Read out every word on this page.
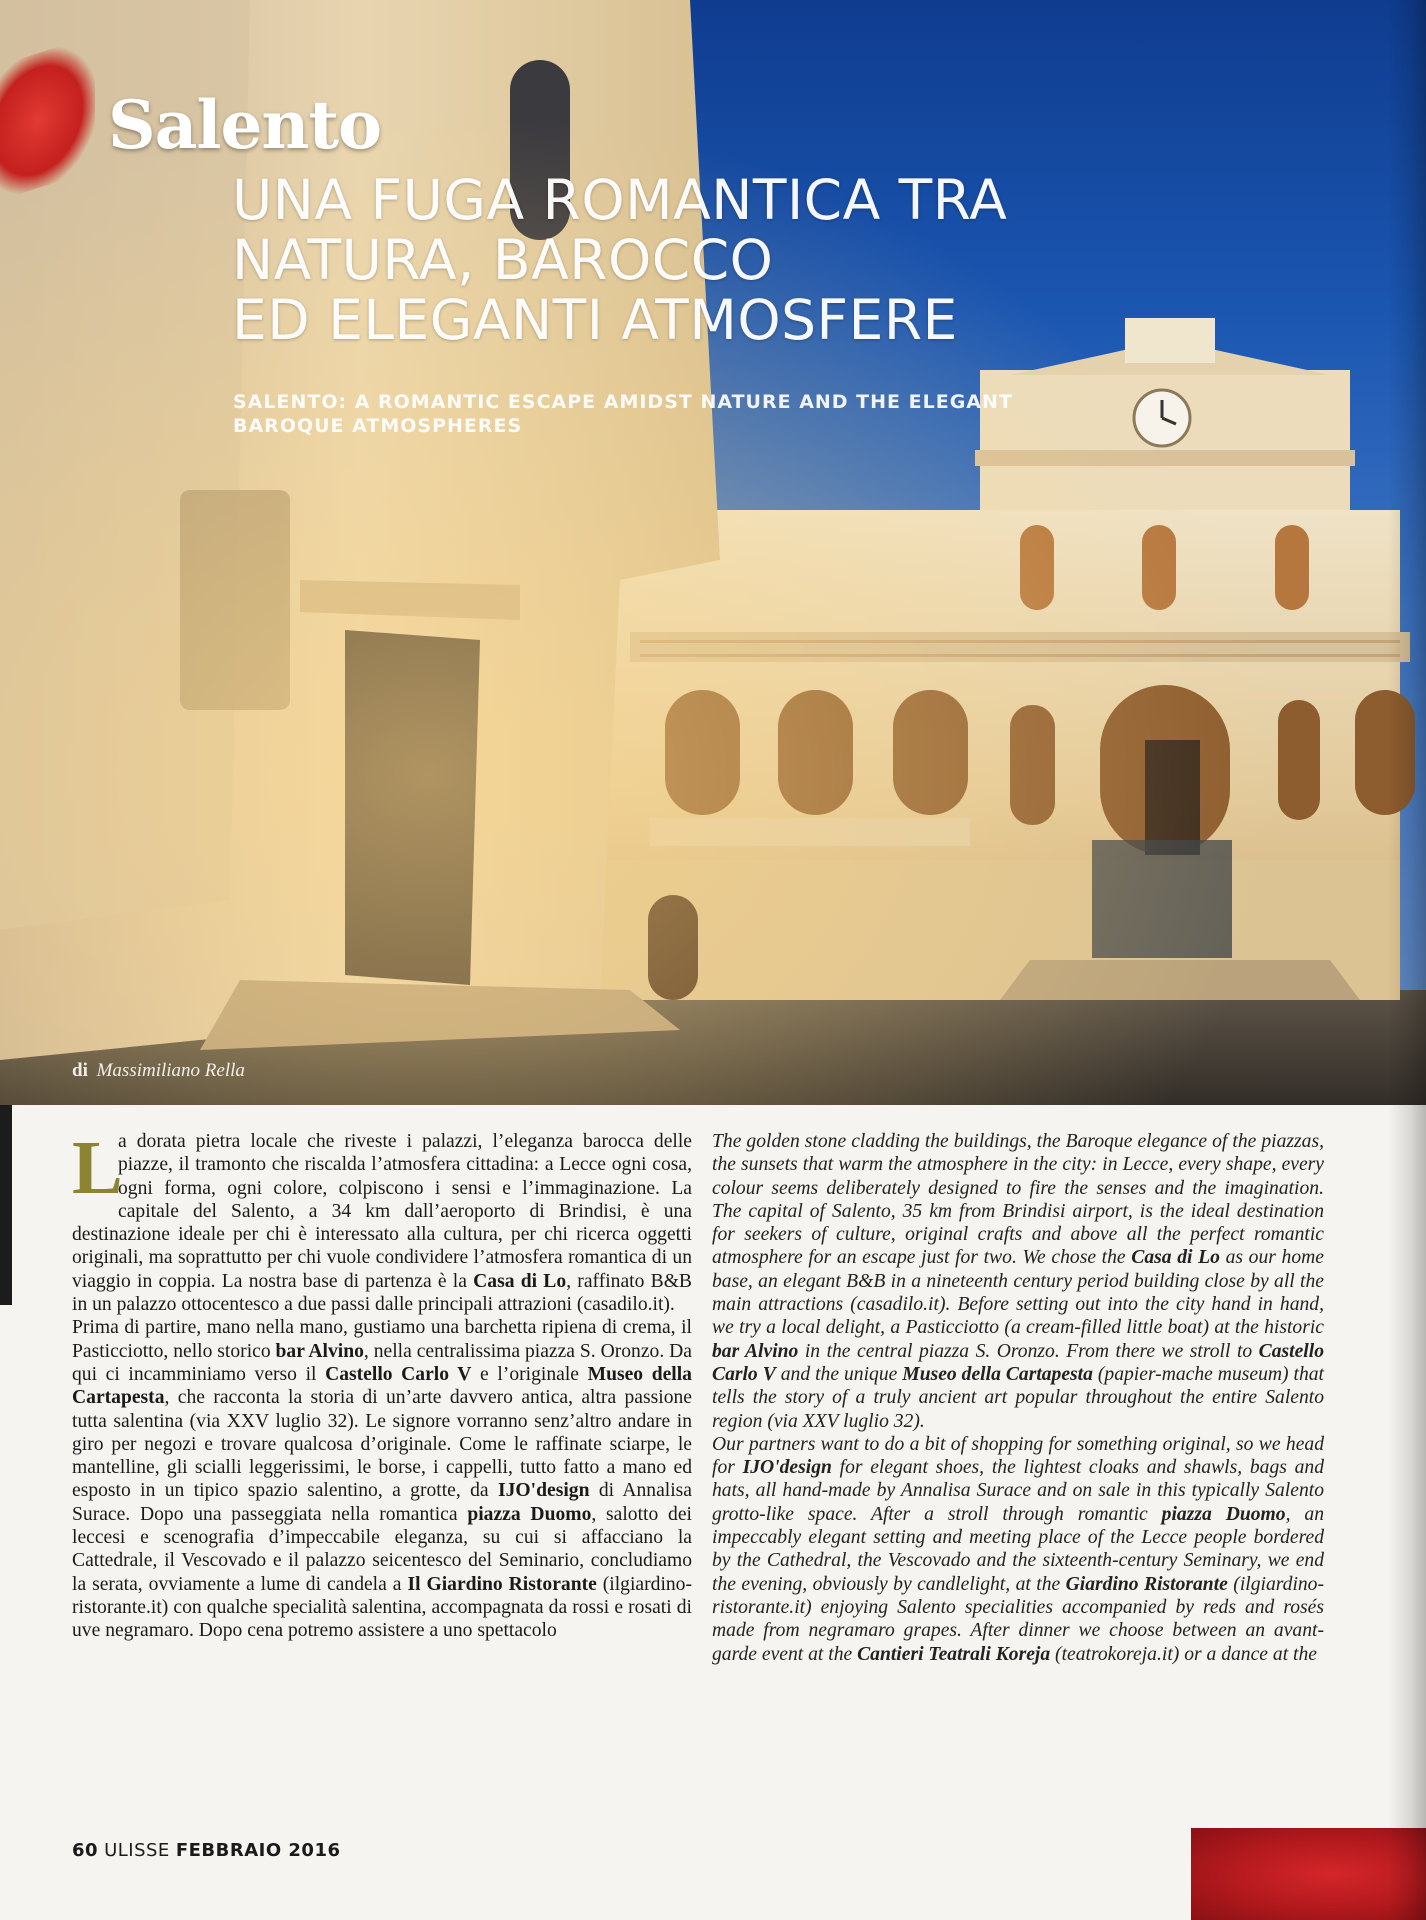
Salento
UNA FUGA ROMANTICA TRA
NATURA, BAROCCO
ED ELEGANTI ATMOSFERE
SALENTO: A ROMANTIC ESCAPE AMIDST NATURE AND THE ELEGANT
BAROQUE ATMOSPHERES
di Massimiliano Rella

L
a dorata pietra locale che riveste i palazzi, l’eleganza barocca delle piazze, il tramonto che riscalda l’atmosfera cittadina: a Lecce ogni cosa, ogni forma, ogni colore, colpiscono i sensi e l’immaginazione. La capitale del Salento, a 34 km dall’aeroporto di Brindisi, è una destinazione ideale per chi è interessato alla cultura, per chi ricerca oggetti originali, ma soprattutto per chi vuole condividere l’atmosfera romantica di un viaggio in coppia. La nostra base di partenza è la Casa di Lo, raffinato B&B in un palazzo ottocentesco a due passi dalle principali attrazioni (casadilo.it).

Prima di partire, mano nella mano, gustiamo una barchetta ripiena di crema, il Pasticciotto, nello storico bar Alvino, nella centralissima piazza S. Oronzo. Da qui ci incamminiamo verso il Castello Carlo V e l’originale Museo della Cartapesta, che racconta la storia di un’arte davvero antica, altra passione tutta salentina (via XXV luglio 32). Le signore vorranno senz’altro andare in giro per negozi e trovare qualcosa d’originale. Come le raffinate sciarpe, le mantelline, gli scialli leggerissimi, le borse, i cappelli, tutto fatto a mano ed esposto in un tipico spazio salentino, a grotte, da IJO'design di Annalisa Surace. Dopo una passeggiata nella romantica piazza Duomo, salotto dei leccesi e scenografia d’impeccabile eleganza, su cui si affacciano la Cattedrale, il Vescovado e il palazzo seicentesco del Seminario, concludiamo la serata, ovviamente a lume di candela a Il Giardino Ristorante (ilgiardino-ristorante.it) con qualche specialità salentina, accompagnata da rossi e rosati di uve negramaro. Dopo cena potremo assistere a uno spettacolo

The golden stone cladding the buildings, the Baroque elegance of the piazzas, the sunsets that warm the atmosphere in the city: in Lecce, every shape, every colour seems deliberately designed to fire the senses and the imagination. The capital of Salento, 35 km from Brindisi airport, is the ideal destination for seekers of culture, original crafts and above all the perfect romantic atmosphere for an escape just for two. We chose the Casa di Lo as our home base, an elegant B&B in a nineteenth century period building close by all the main attractions (casadilo.it). Before setting out into the city hand in hand, we try a local delight, a Pasticciotto (a cream-filled little boat) at the historic bar Alvino in the central piazza S. Oronzo. From there we stroll to Castello Carlo V and the unique Museo della Cartapesta (papier-mache museum) that tells the story of a truly ancient art popular throughout the entire Salento region (via XXV luglio 32).

Our partners want to do a bit of shopping for something original, so we head for IJO'design for elegant shoes, the lightest cloaks and shawls, bags and hats, all hand-made by Annalisa Surace and on sale in this typically Salento grotto-like space. After a stroll through romantic piazza Duomo, an impeccably elegant setting and meeting place of the Lecce people bordered by the Cathedral, the Vescovado and the sixteenth-century Seminary, we end the evening, obviously by candlelight, at the Giardino Ristorante (ilgiardino-ristorante.it) enjoying Salento specialities accompanied by reds and rosés made from negramaro grapes. After dinner we choose between an avant-garde event at the Cantieri Teatrali Koreja (teatrokoreja.it) or a dance at the

60 ULISSE FEBBRAIO 2016
